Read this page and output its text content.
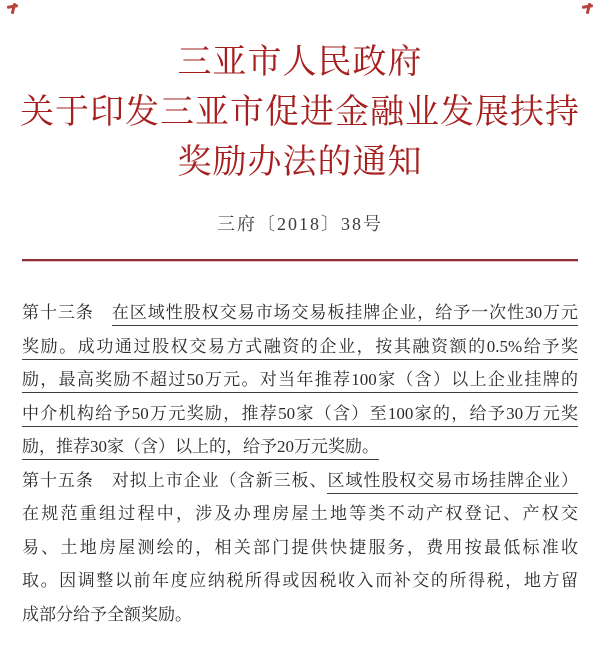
三亚市人民政府
关于印发三亚市促进金融业发展扶持
奖励办法的通知
三府〔2018〕38号
第十三条　在区域性股权交易市场交易板挂牌企业，给予一次性30万元
奖励。成功通过股权交易方式融资的企业，按其融资额的0.5%给予奖
励，最高奖励不超过50万元。对当年推荐100家（含）以上企业挂牌的
中介机构给予50万元奖励，推荐50家（含）至100家的，给予30万元奖
励，推荐30家（含）以上的，给予20万元奖励。
第十五条　对拟上市企业（含新三板、区域性股权交易市场挂牌企业）
在规范重组过程中，涉及办理房屋土地等类不动产权登记、产权交
易、土地房屋测绘的，相关部门提供快捷服务，费用按最低标准收
取。因调整以前年度应纳税所得或因税收入而补交的所得税，地方留
成部分给予全额奖励。
